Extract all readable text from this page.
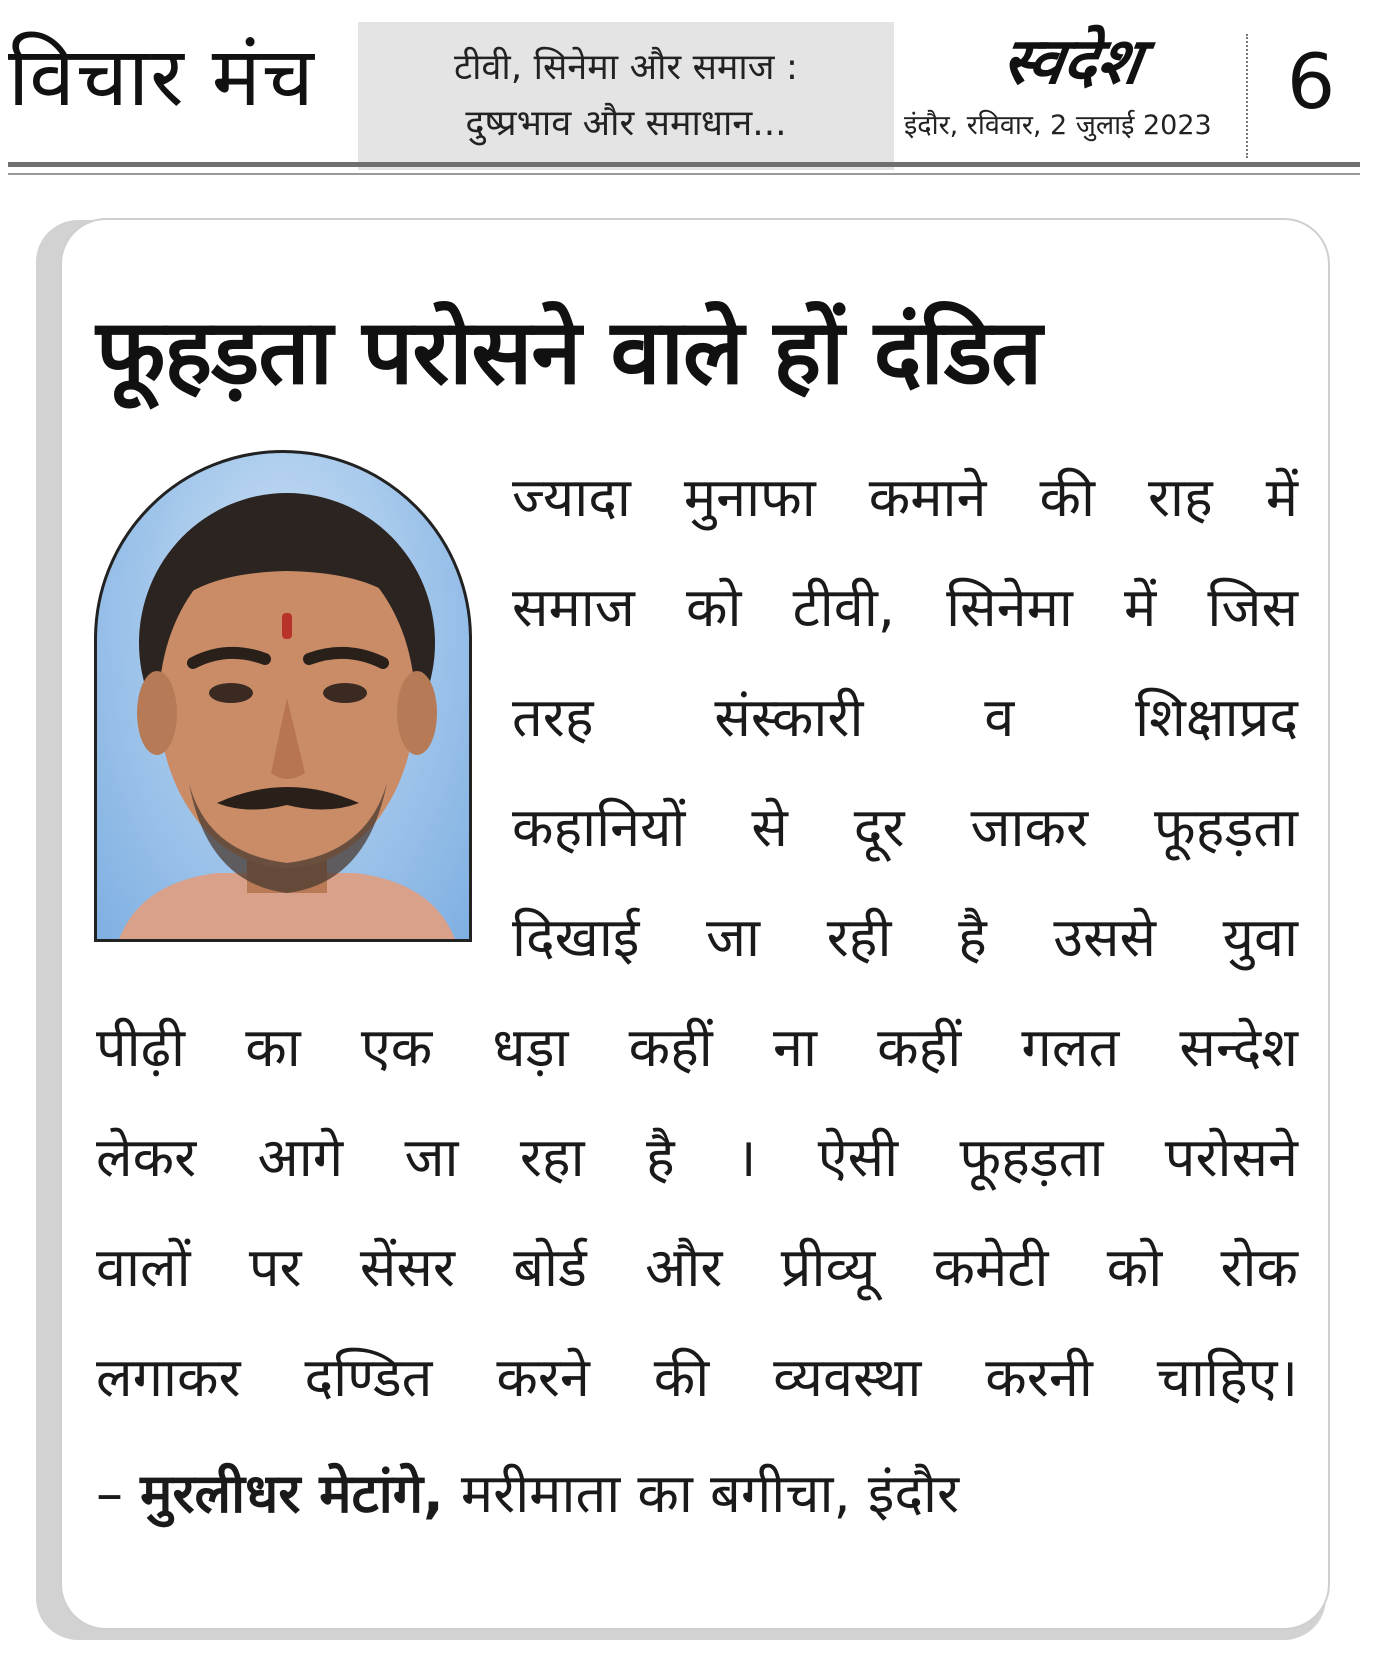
विचार मंच	टीवी, सिनेमा और समाज :
दुष्प्रभाव और समाधान...
स्वदेश
इंदौर, रविवार, 2 जुलाई 2023 6
फूहड़ता परोसने वाले हों दंडित
ज्यादा मुनाफा कमाने की राह में
समाज को टीवी, सिनेमा में जिस
तरह संस्कारी व शिक्षाप्रद
कहानियों से दूर जाकर फूहड़ता
दिखाई जा रही है उससे युवा
पीढ़ी का एक धड़ा कहीं ना कहीं गलत सन्देश
लेकर आगे जा रहा है । ऐसी फूहड़ता परोसने
वालों पर सेंसर बोर्ड और प्रीव्यू कमेटी को रोक
लगाकर दण्डित करने की व्यवस्था करनी चाहिए।
– मुरलीधर मेटांगे, मरीमाता का बगीचा, इंदौर
